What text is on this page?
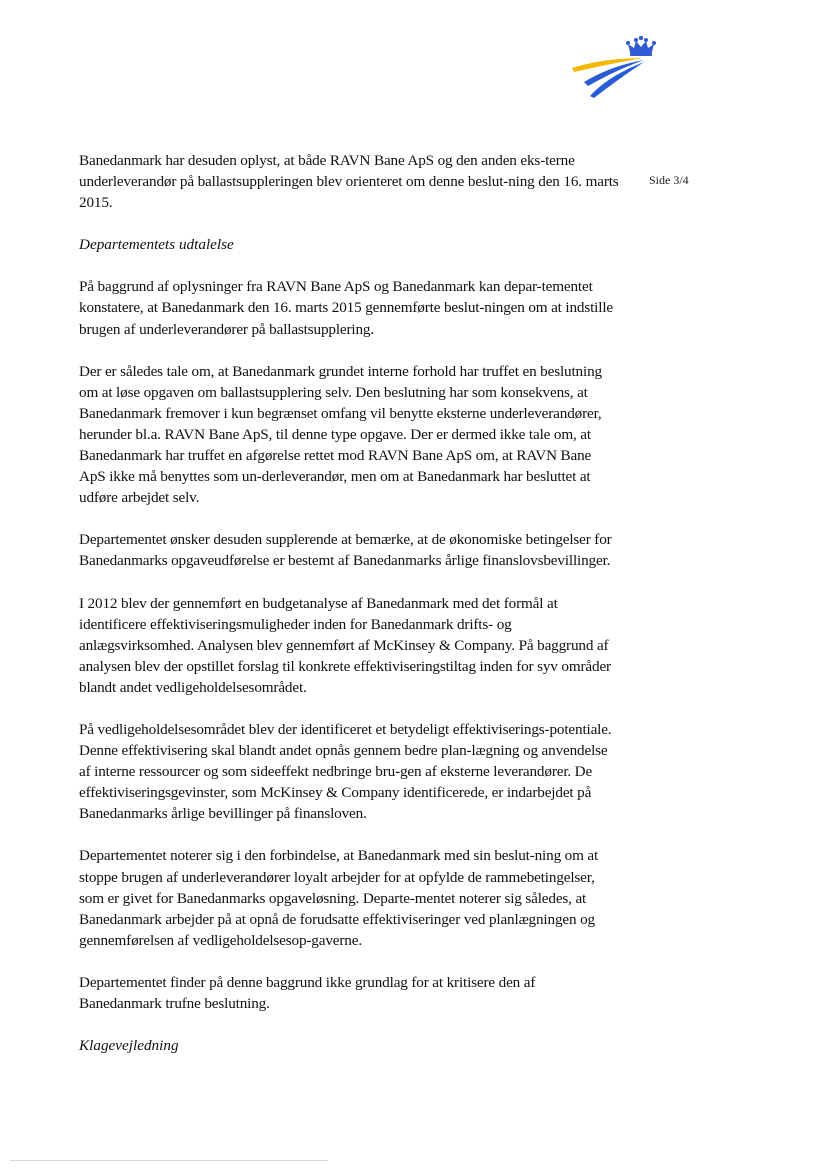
Side 3/4

Banedanmark har desuden oplyst, at både RAVN Bane ApS og den anden eks-terne underleverandør på ballastsuppleringen blev orienteret om denne beslut-ning den 16. marts 2015.

Departementets udtalelse

På baggrund af oplysninger fra RAVN Bane ApS og Banedanmark kan depar-tementet konstatere, at Banedanmark den 16. marts 2015 gennemførte beslut-ningen om at indstille brugen af underleverandører på ballastsupplering.

Der er således tale om, at Banedanmark grundet interne forhold har truffet en beslutning om at løse opgaven om ballastsupplering selv. Den beslutning har som konsekvens, at Banedanmark fremover i kun begrænset omfang vil benytte eksterne underleverandører, herunder bl.a. RAVN Bane ApS, til denne type opgave. Der er dermed ikke tale om, at Banedanmark har truffet en afgørelse rettet mod RAVN Bane ApS om, at RAVN Bane ApS ikke må benyttes som un-derleverandør, men om at Banedanmark har besluttet at udføre arbejdet selv.

Departementet ønsker desuden supplerende at bemærke, at de økonomiske betingelser for Banedanmarks opgaveudførelse er bestemt af Banedanmarks årlige finanslovsbevillinger.

I 2012 blev der gennemført en budgetanalyse af Banedanmark med det formål at identificere effektiviseringsmuligheder inden for Banedanmark drifts- og anlægsvirksomhed. Analysen blev gennemført af McKinsey & Company. På baggrund af analysen blev der opstillet forslag til konkrete effektiviseringstiltag inden for syv områder blandt andet vedligeholdelsesområdet.

På vedligeholdelsesområdet blev der identificeret et betydeligt effektiviserings-potentiale. Denne effektivisering skal blandt andet opnås gennem bedre plan-lægning og anvendelse af interne ressourcer og som sideeffekt nedbringe bru-gen af eksterne leverandører. De effektiviseringsgevinster, som McKinsey & Company identificerede, er indarbejdet på Banedanmarks årlige bevillinger på finansloven.

Departementet noterer sig i den forbindelse, at Banedanmark med sin beslut-ning om at stoppe brugen af underleverandører loyalt arbejder for at opfylde de rammebetingelser, som er givet for Banedanmarks opgaveløsning. Departe-mentet noterer sig således, at Banedanmark arbejder på at opnå de forudsatte effektiviseringer ved planlægningen og gennemførelsen af vedligeholdelsesop-gaverne.

Departementet finder på denne baggrund ikke grundlag for at kritisere den af Banedanmark trufne beslutning.

Klagevejledning
